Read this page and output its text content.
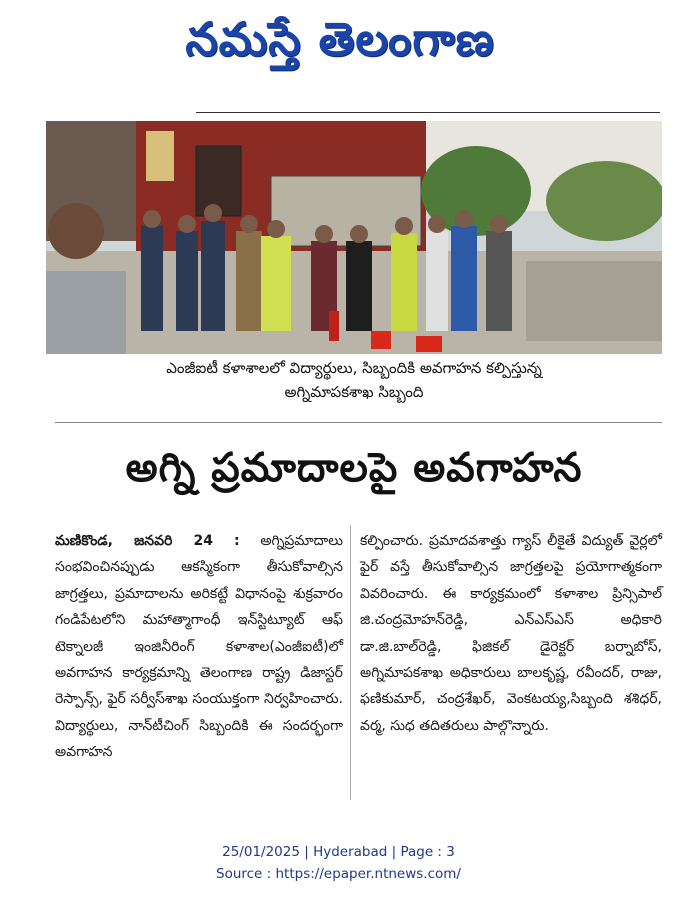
నమస్తే తెలంగాణ
ఎంజీఐటీ కళాశాలలో విద్యార్థులు, సిబ్బందికి అవగాహన కల్పిస్తున్న
అగ్నిమాపకశాఖ సిబ్బంది
అగ్ని ప్రమాదాలపై అవగాహన
మణికొండ, జనవరి 24 : అగ్నిప్రమాదాలు సంభవించినప్పుడు ఆకస్మికంగా తీసుకోవాల్సిన జాగ్రత్తలు, ప్రమాదాలను అరికట్టే విధానంపై శుక్రవారం గండిపేటలోని మహాత్మాగాంధీ ఇన్‌స్టిట్యూట్ ఆఫ్ టెక్నాలజీ ఇంజినీరింగ్ కళాశాల(ఎంజీఐటీ)లో అవగాహన కార్యక్రమాన్ని తెలంగాణ రాష్ట్ర డిజాస్టర్ రెస్పాన్స్, ఫైర్ సర్వీస్‌శాఖ సంయుక్తంగా నిర్వహించారు. విద్యార్థులు, నాన్‌టీచింగ్ సిబ్బందికి ఈ సందర్భంగా అవగాహన
కల్పించారు. ప్రమాదవశాత్తు గ్యాస్ లీకైతే విద్యుత్ వైర్లలో ఫైర్ వస్తే తీసుకోవాల్సిన జాగ్రత్తలపై ప్రయోగాత్మకంగా వివరించారు. ఈ కార్యక్రమంలో కళాశాల ప్రిన్సిపాల్ జి.చంద్రమోహన్‌రెడ్డి, ఎన్‌ఎస్‌ఎస్ అధికారి డా.జి.బాల్‌రెడ్డి, ఫిజికల్ డైరెక్టర్ బర్నాబోస్, అగ్నిమాపకశాఖ అధికారులు బాలకృష్ణ, రవీందర్, రాజు, ఫణికుమార్, చంద్రశేఖర్, వెంకటయ్య,సిబ్బంది శశిధర్, వర్మ, సుధ తదితరులు పాల్గొన్నారు.
25/01/2025 | Hyderabad | Page : 3
Source : https://epaper.ntnews.com/
